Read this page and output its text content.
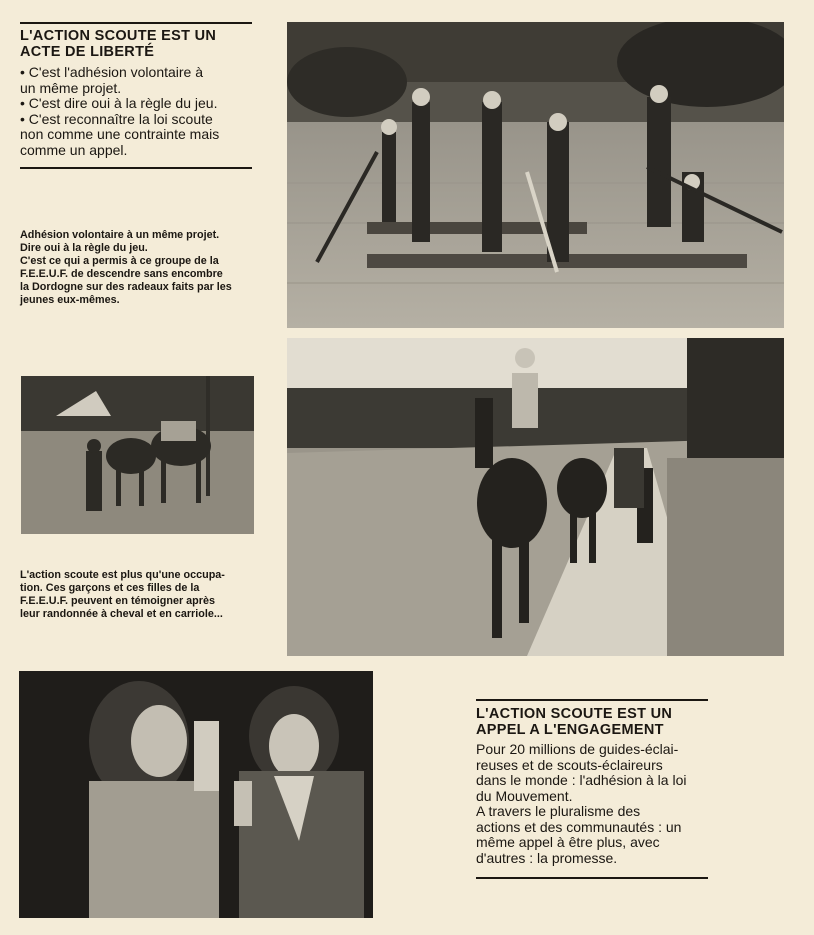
L'ACTION SCOUTE EST UN
ACTE DE LIBERTÉ
• C'est l'adhésion volontaire à
un même projet.
• C'est dire oui à la règle du jeu.
• C'est reconnaître la loi scoute
non comme une contrainte mais
comme un appel.

Adhésion volontaire à un même projet.
Dire oui à la règle du jeu.
C'est ce qui a permis à ce groupe de la
F.E.E.U.F. de descendre sans encombre
la Dordogne sur des radeaux faits par les
jeunes eux-mêmes.

L'action scoute est plus qu'une occupa-
tion. Ces garçons et ces filles de la
F.E.E.U.F. peuvent en témoigner après
leur randonnée à cheval et en carriole...

L'ACTION SCOUTE EST UN
APPEL A L'ENGAGEMENT

Pour 20 millions de guides-éclai-
reuses et de scouts-éclaireurs
dans le monde : l'adhésion à la loi
du Mouvement.

A travers le pluralisme des
actions et des communautés : un
même appel à être plus, avec
d'autres : la promesse.
